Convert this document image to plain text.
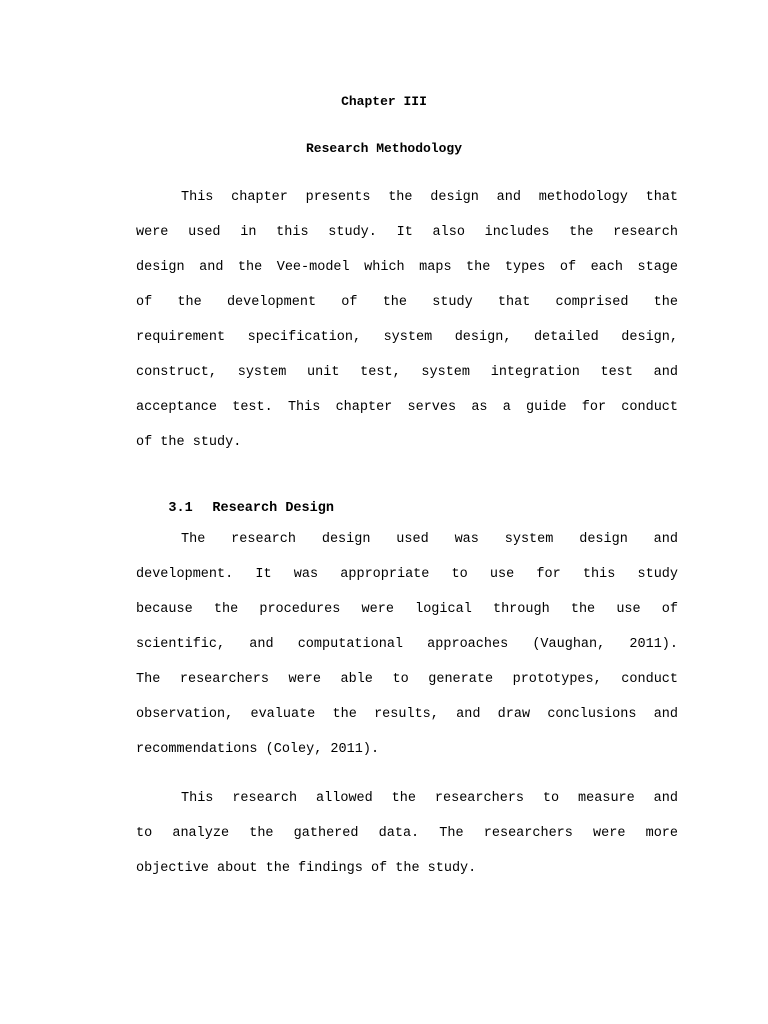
Chapter III
Research Methodology
This chapter presents the design and methodology that
were used in this study. It also includes the research
design and the Vee-model which maps the types of each stage
of the development of the study that comprised the
requirement specification, system design, detailed design,
construct, system unit test, system integration test and
acceptance test. This chapter serves as a guide for conduct
of the study.

3.1 Research Design

The research design used was system design and
development. It was appropriate to use for this study
because the procedures were logical through the use of
scientific, and computational approaches (Vaughan, 2011).
The researchers were able to generate prototypes, conduct
observation, evaluate the results, and draw conclusions and
recommendations (Coley, 2011).
This research allowed the researchers to measure and
to analyze the gathered data. The researchers were more
objective about the findings of the study.
